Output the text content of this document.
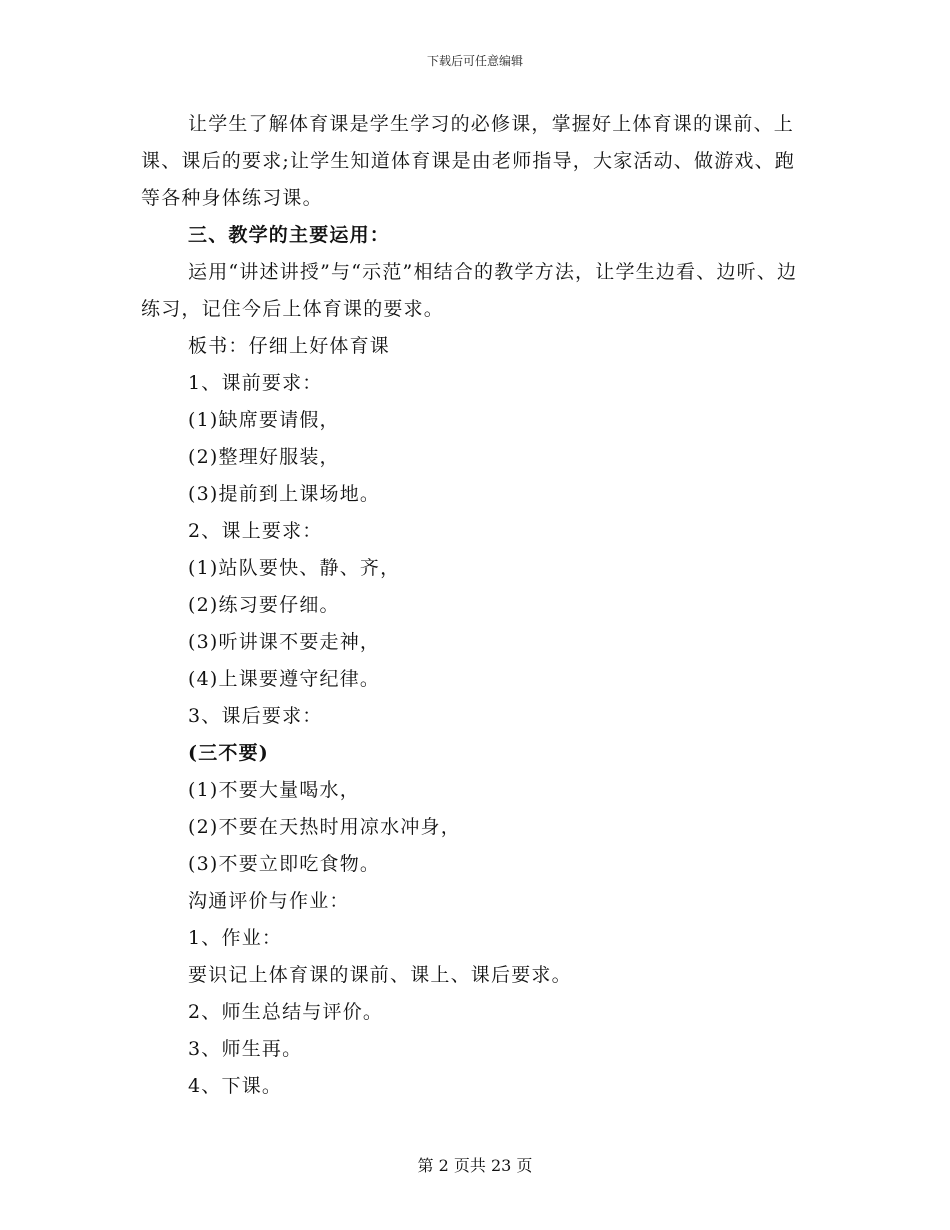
下载后可任意编辑

让学生了解体育课是学生学习的必修课，掌握好上体育课的课前、上课、课后的要求;让学生知道体育课是由老师指导，大家活动、做游戏、跑等各种身体练习课。

三、教学的主要运用：

运用“讲述讲授”与“示范”相结合的教学方法，让学生边看、边听、边练习，记住今后上体育课的要求。

板书：仔细上好体育课

1、课前要求：

(1)缺席要请假，

(2)整理好服装，

(3)提前到上课场地。

2、课上要求：

(1)站队要快、静、齐，

(2)练习要仔细。

(3)听讲课不要走神，

(4)上课要遵守纪律。

3、课后要求：

(三不要)

(1)不要大量喝水，

(2)不要在天热时用凉水冲身，

(3)不要立即吃食物。

沟通评价与作业：

1、作业：

要识记上体育课的课前、课上、课后要求。

2、师生总结与评价。

3、师生再。

4、下课。

第 2 页共 23 页
